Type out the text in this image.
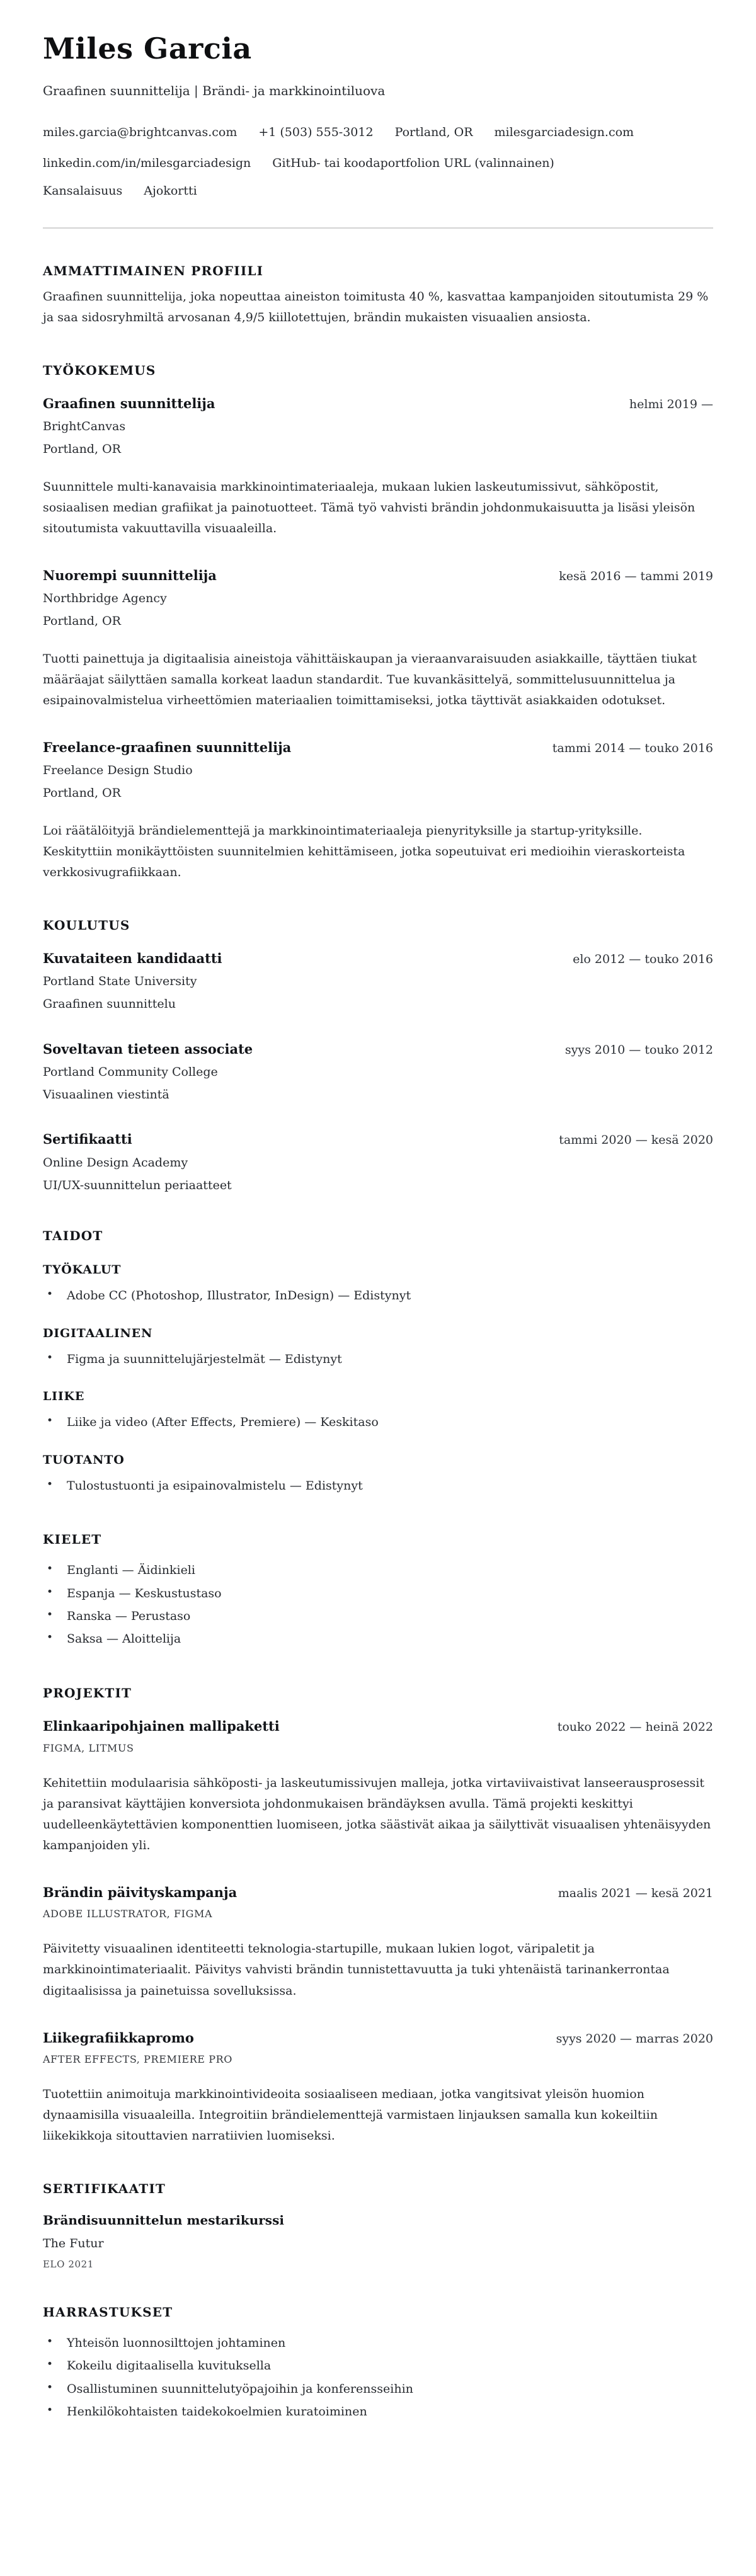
Miles Garcia
Graafinen suunnittelija | Brändi- ja markkinointiluova
miles.garcia@brightcanvas.com +1 (503) 555-3012 Portland, OR milesgarciadesign.com
linkedin.com/in/milesgarciadesign GitHub- tai koodaportfolion URL (valinnainen)
Kansalaisuus Ajokortti
AMMATTIMAINEN PROFIILI

Graafinen suunnittelija, joka nopeuttaa aineiston toimitusta 40 %, kasvattaa kampanjoiden sitoutumista 29 % ja saa sidosryhmiltä arvosanan 4,9/5 kiillotettujen, brändin mukaisten visuaalien ansiosta.

TYÖKOKEMUS
Graafinen suunnittelija	helmi 2019 —
BrightCanvas
Portland, OR

Suunnittele multi-kanavaisia markkinointimateriaaleja, mukaan lukien laskeutumissivut, sähköpostit, sosiaalisen median grafiikat ja painotuotteet. Tämä työ vahvisti brändin johdonmukaisuutta ja lisäsi yleisön sitoutumista vakuuttavilla visuaaleilla.

Nuorempi suunnittelija	kesä 2016 — tammi 2019
Northbridge Agency
Portland, OR

Tuotti painettuja ja digitaalisia aineistoja vähittäiskaupan ja vieraanvaraisuuden asiakkaille, täyttäen tiukat määräajat säilyttäen samalla korkeat laadun standardit. Tue kuvankäsittelyä, sommittelusuunnittelua ja esipainovalmistelua virheettömien materiaalien toimittamiseksi, jotka täyttivät asiakkaiden odotukset.

Freelance-graafinen suunnittelija	tammi 2014 — touko 2016
Freelance Design Studio
Portland, OR

Loi räätälöityjä brändielementtejä ja markkinointimateriaaleja pienyrityksille ja startup-yrityksille. Keskityttiin monikäyttöisten suunnitelmien kehittämiseen, jotka sopeutuivat eri medioihin vieraskorteista verkkosivugrafiikkaan.

KOULUTUS
Kuvataiteen kandidaatti	elo 2012 — touko 2016
Portland State University
Graafinen suunnittelu
Soveltavan tieteen associate	syys 2010 — touko 2012
Portland Community College
Visuaalinen viestintä
Sertifikaatti	tammi 2020 — kesä 2020
Online Design Academy
UI/UX-suunnittelun periaatteet
TAIDOT
TYÖKALUT
• Adobe CC (Photoshop, Illustrator, InDesign) — Edistynyt
DIGITAALINEN
• Figma ja suunnittelujärjestelmät — Edistynyt
LIIKE
• Liike ja video (After Effects, Premiere) — Keskitaso
TUOTANTO
• Tulostustuonti ja esipainovalmistelu — Edistynyt
KIELET
• Englanti — Äidinkieli
• Espanja — Keskustustaso
• Ranska — Perustaso
• Saksa — Aloittelija
PROJEKTIT
Elinkaaripohjainen mallipaketti	touko 2022 — heinä 2022
FIGMA, LITMUS

Kehitettiin modulaarisia sähköposti- ja laskeutumissivujen malleja, jotka virtaviivaistivat lanseerausprosessit ja paransivat käyttäjien konversiota johdonmukaisen brändäyksen avulla. Tämä projekti keskittyi uudelleenkäytettävien komponenttien luomiseen, jotka säästivät aikaa ja säilyttivät visuaalisen yhtenäisyyden kampanjoiden yli.

Brändin päivityskampanja	maalis 2021 — kesä 2021
ADOBE ILLUSTRATOR, FIGMA

Päivitetty visuaalinen identiteetti teknologia-startupille, mukaan lukien logot, väripaletit ja markkinointimateriaalit. Päivitys vahvisti brändin tunnistettavuutta ja tuki yhtenäistä tarinankerrontaa digitaalisissa ja painetuissa sovelluksissa.

Liikegrafiikkapromo	syys 2020 — marras 2020
AFTER EFFECTS, PREMIERE PRO

Tuotettiin animoituja markkinointivideoita sosiaaliseen mediaan, jotka vangitsivat yleisön huomion dynaamisilla visuaaleilla. Integroitiin brändielementtejä varmistaen linjauksen samalla kun kokeiltiin liikekikkoja sitouttavien narratiivien luomiseksi.

SERTIFIKAATIT
Brändisuunnittelun mestarikurssi
The Futur
ELO 2021
HARRASTUKSET
• Yhteisön luonnosilttojen johtaminen
• Kokeilu digitaalisella kuvituksella
• Osallistuminen suunnittelutyöpajoihin ja konferensseihin
• Henkilökohtaisten taidekokoelmien kuratoiminen
